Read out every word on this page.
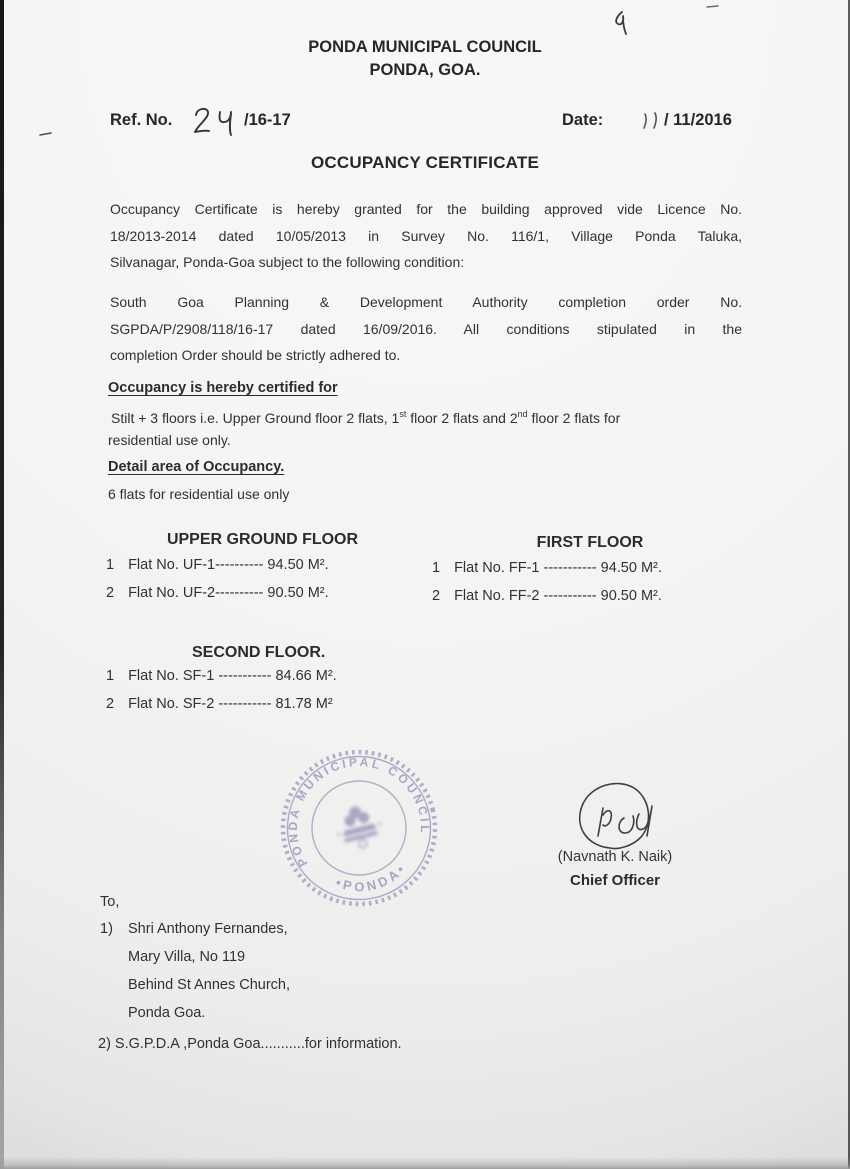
PONDA MUNICIPAL COUNCIL
PONDA, GOA.
Ref. No.	/16-17	Date:	/ 11/2016
OCCUPANCY CERTIFICATE
Occupancy Certificate is hereby granted for the building approved vide Licence No.
18/2013-2014 dated 10/05/2013 in Survey No. 116/1, Village Ponda Taluka,
Silvanagar, Ponda-Goa subject to the following condition:
South Goa Planning & Development Authority completion order No.
SGPDA/P/2908/118/16-17 dated 16/09/2016. All conditions stipulated in the
completion Order should be strictly adhered to.
Occupancy is hereby certified for
Stilt + 3 floors i.e. Upper Ground floor 2 flats, 1st floor 2 flats and 2nd floor 2 flats for
residential use only.
Detail area of Occupancy.
6 flats for residential use only
UPPER GROUND FLOOR	FIRST FLOOR
1 Flat No. UF-1---------- 94.50 M².
2 Flat No. UF-2---------- 90.50 M².
1 Flat No. FF-1 ----------- 94.50 M².
2 Flat No. FF-2 ----------- 90.50 M².
SECOND FLOOR.
1 Flat No. SF-1 ----------- 84.66 M².
2 Flat No. SF-2 ----------- 81.78 M²
PONDA MUNICIPAL COUNCIL
•PONDA•
(Navnath K. Naik)
Chief Officer
To,
1) Shri Anthony Fernandes,
Mary Villa, No 119
Behind St Annes Church,
Ponda Goa.
2) S.G.P.D.A ,Ponda Goa...........for information.
